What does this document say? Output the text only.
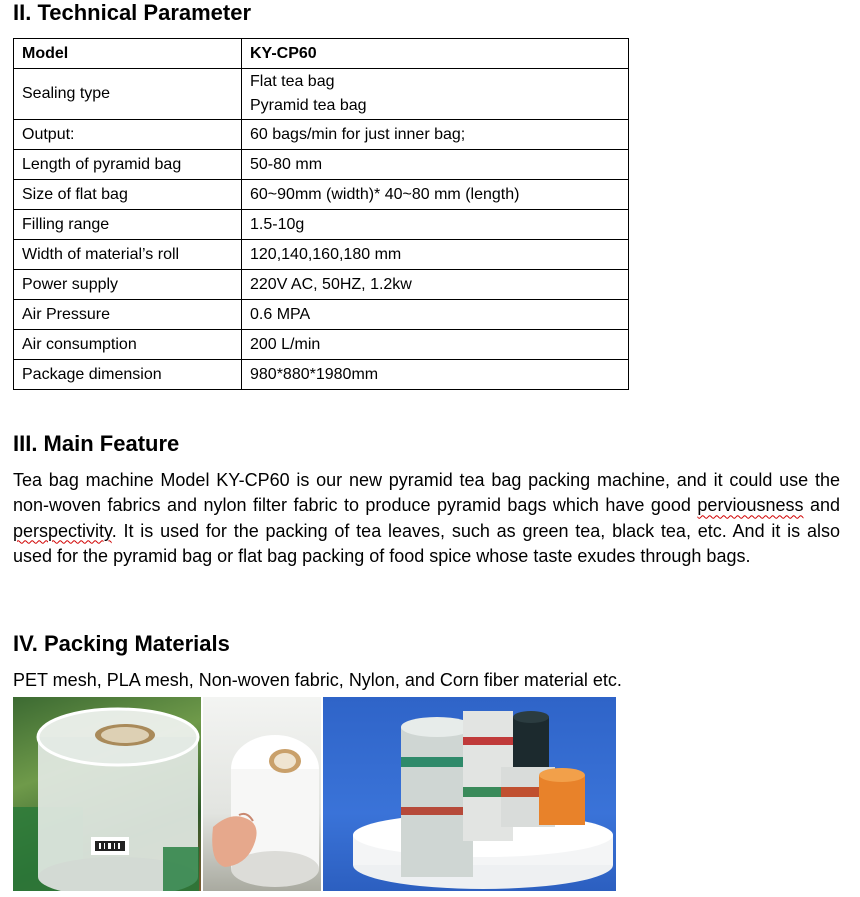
II. Technical Parameter
Model	KY-CP60
Sealing type	Flat tea bag
Pyramid tea bag

Output:	60 bags/min for just inner bag;
Length of pyramid bag	50-80 mm
Size of flat bag	60~90mm (width)* 40~80 mm (length)
Filling range	1.5-10g
Width of material’s roll	120,140,160,180 mm
Power supply	220V AC, 50HZ, 1.2kw
Air Pressure	0.6 MPA
Air consumption	200 L/min
Package dimension	980*880*1980mm
III. Main Feature

Tea bag machine Model KY-CP60 is our new pyramid tea bag packing machine, and it could use the non-woven fabrics and nylon filter fabric to produce pyramid bags which have good perviousness and perspectivity. It is used for the packing of tea leaves, such as green tea, black tea, etc. And it is also used for the pyramid bag or flat bag packing of food spice whose taste exudes through bags.

IV. Packing Materials

PET mesh, PLA mesh, Non-woven fabric, Nylon, and Corn fiber material etc.
